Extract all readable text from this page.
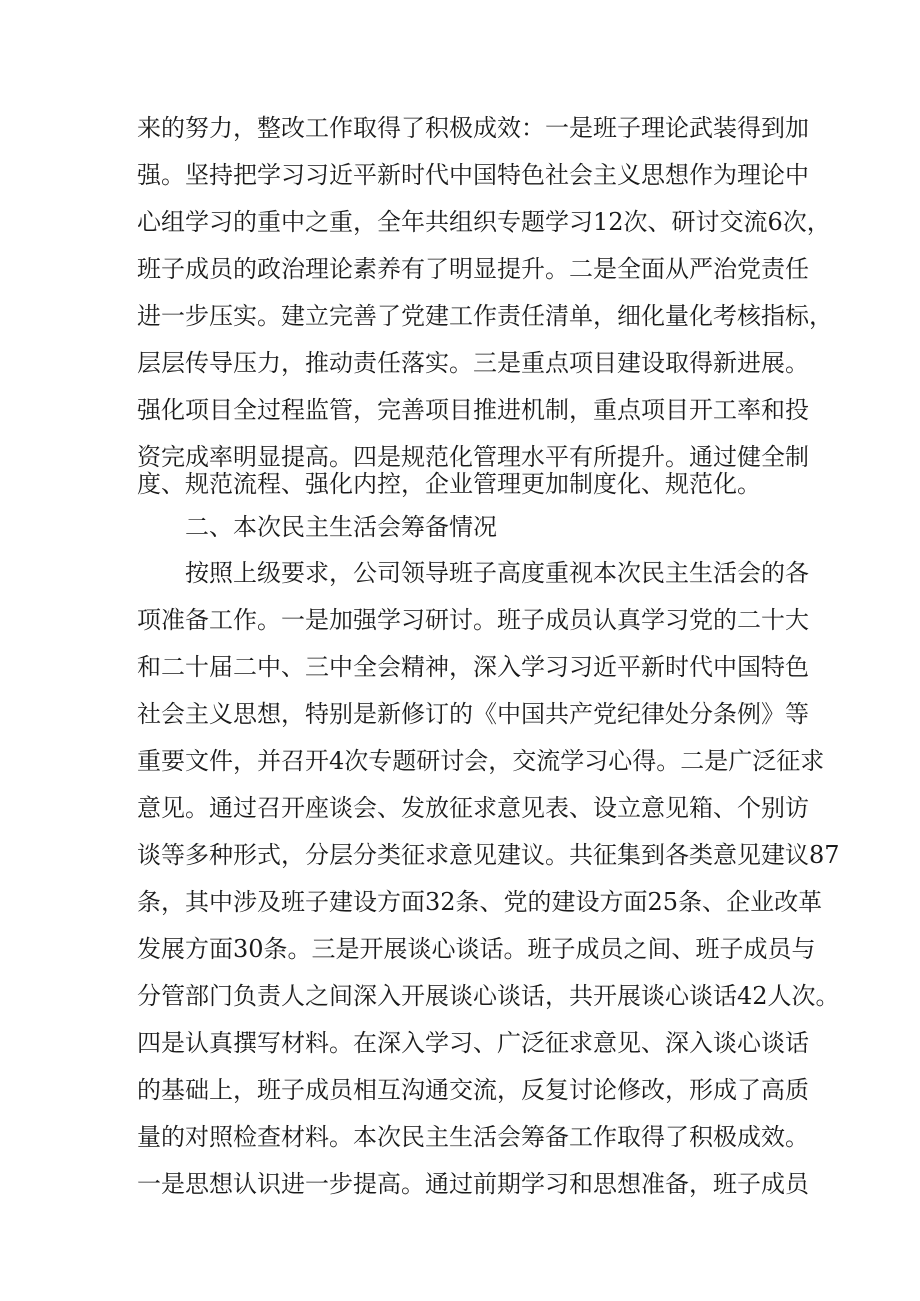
来的努力，整改工作取得了积极成效：一是班子理论武装得到加
强。坚持把学习习近平新时代中国特色社会主义思想作为理论中
心组学习的重中之重，全年共组织专题学习12次、研讨交流6次，
班子成员的政治理论素养有了明显提升。二是全面从严治党责任
进一步压实。建立完善了党建工作责任清单，细化量化考核指标，
层层传导压力，推动责任落实。三是重点项目建设取得新进展。
强化项目全过程监管，完善项目推进机制，重点项目开工率和投
资完成率明显提高。四是规范化管理水平有所提升。通过健全制
度、规范流程、强化内控，企业管理更加制度化、规范化。
二、本次民主生活会筹备情况
按照上级要求，公司领导班子高度重视本次民主生活会的各
项准备工作。一是加强学习研讨。班子成员认真学习党的二十大
和二十届二中、三中全会精神，深入学习习近平新时代中国特色
社会主义思想，特别是新修订的《中国共产党纪律处分条例》等
重要文件，并召开4次专题研讨会，交流学习心得。二是广泛征求
意见。通过召开座谈会、发放征求意见表、设立意见箱、个别访
谈等多种形式，分层分类征求意见建议。共征集到各类意见建议87
条，其中涉及班子建设方面32条、党的建设方面25条、企业改革
发展方面30条。三是开展谈心谈话。班子成员之间、班子成员与
分管部门负责人之间深入开展谈心谈话，共开展谈心谈话42人次。
四是认真撰写材料。在深入学习、广泛征求意见、深入谈心谈话
的基础上，班子成员相互沟通交流，反复讨论修改，形成了高质
量的对照检查材料。本次民主生活会筹备工作取得了积极成效。
一是思想认识进一步提高。通过前期学习和思想准备，班子成员
